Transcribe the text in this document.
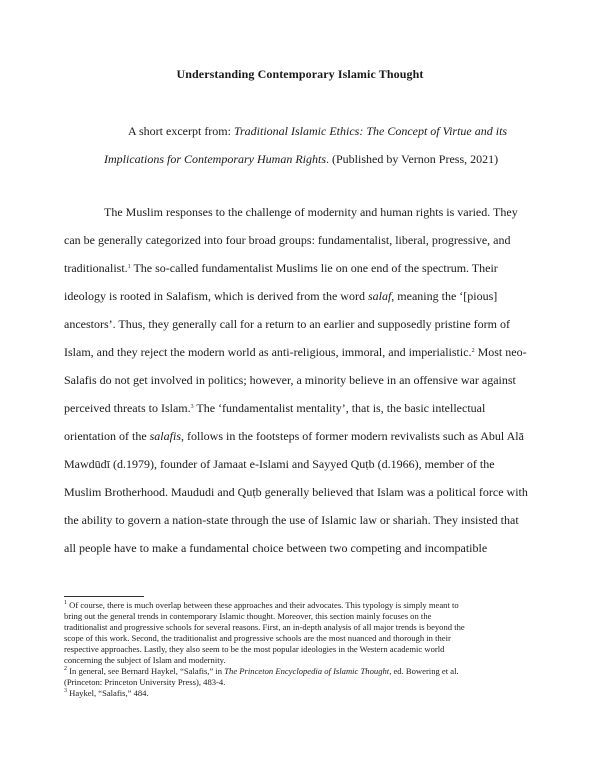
Understanding Contemporary Islamic Thought
A short excerpt from: Traditional Islamic Ethics: The Concept of Virtue and its
Implications for Contemporary Human Rights. (Published by Vernon Press, 2021)
The Muslim responses to the challenge of modernity and human rights is varied. They
can be generally categorized into four broad groups: fundamentalist, liberal, progressive, and
traditionalist.$^1$ The so-called fundamentalist Muslims lie on one end of the spectrum. Their
ideology is rooted in Salafism, which is derived from the word salaf, meaning the ‘[pious]
ancestors’. Thus, they generally call for a return to an earlier and supposedly pristine form of
Islam, and they reject the modern world as anti-religious, immoral, and imperialistic.$^2$ Most neo-
Salafis do not get involved in politics; however, a minority believe in an offensive war against
perceived threats to Islam.$^3$ The ‘fundamentalist mentality’, that is, the basic intellectual
orientation of the salafis, follows in the footsteps of former modern revivalists such as Abul Alā
Mawdūdī (d.1979), founder of Jamaat e-Islami and Sayyed Quṭb (d.1966), member of the
Muslim Brotherhood. Maududi and Quṭb generally believed that Islam was a political force with
the ability to govern a nation-state through the use of Islamic law or shariah. They insisted that
all people have to make a fundamental choice between two competing and incompatible
$^1$ Of course, there is much overlap between these approaches and their advocates. This typology is simply meant to
bring out the general trends in contemporary Islamic thought. Moreover, this section mainly focuses on the
traditionalist and progressive schools for several reasons. First, an in-depth analysis of all major trends is beyond the
scope of this work. Second, the traditionalist and progressive schools are the most nuanced and thorough in their
respective approaches. Lastly, they also seem to be the most popular ideologies in the Western academic world
concerning the subject of Islam and modernity.
$^2$ In general, see Bernard Haykel, “Salafis,” in The Princeton Encyclopedia of Islamic Thought, ed. Bowering et al.
(Princeton: Princeton University Press), 483-4.
$^3$ Haykel, “Salafis,” 484.
